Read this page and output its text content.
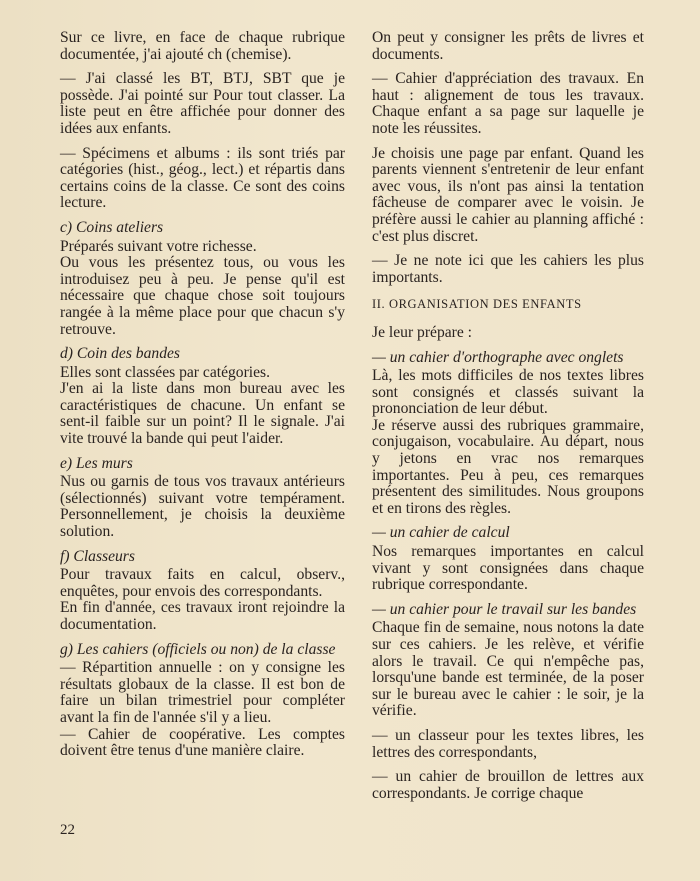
Sur ce livre, en face de chaque rubrique documentée, j'ai ajouté ch (chemise).

— J'ai classé les BT, BTJ, SBT que je possède. J'ai pointé sur Pour tout classer. La liste peut en être affichée pour donner des idées aux enfants.

— Spécimens et albums : ils sont triés par catégories (hist., géog., lect.) et répartis dans certains coins de la classe. Ce sont des coins lecture.

c) Coins ateliers

Préparés suivant votre richesse.

Ou vous les présentez tous, ou vous les introduisez peu à peu. Je pense qu'il est nécessaire que chaque chose soit toujours rangée à la même place pour que chacun s'y retrouve.

d) Coin des bandes

Elles sont classées par catégories.

J'en ai la liste dans mon bureau avec les caractéristiques de chacune. Un enfant se sent-il faible sur un point? Il le signale. J'ai vite trouvé la bande qui peut l'aider.

e) Les murs

Nus ou garnis de tous vos travaux antérieurs (sélectionnés) suivant votre tempérament. Personnellement, je choisis la deuxième solution.

f) Classeurs

Pour travaux faits en calcul, observ., enquêtes, pour envois des correspondants.

En fin d'année, ces travaux iront rejoindre la documentation.

g) Les cahiers (officiels ou non) de la classe

— Répartition annuelle : on y consigne les résultats globaux de la classe. Il est bon de faire un bilan trimestriel pour compléter avant la fin de l'année s'il y a lieu.

— Cahier de coopérative. Les comptes doivent être tenus d'une manière claire.

On peut y consigner les prêts de livres et documents.

— Cahier d'appréciation des travaux. En haut : alignement de tous les travaux. Chaque enfant a sa page sur laquelle je note les réussites.

Je choisis une page par enfant. Quand les parents viennent s'entretenir de leur enfant avec vous, ils n'ont pas ainsi la tentation fâcheuse de comparer avec le voisin. Je préfère aussi le cahier au planning affiché : c'est plus discret.

— Je ne note ici que les cahiers les plus importants.

II. ORGANISATION DES ENFANTS

Je leur prépare :

— un cahier d'orthographe avec onglets

Là, les mots difficiles de nos textes libres sont consignés et classés suivant la prononciation de leur début.

Je réserve aussi des rubriques grammaire, conjugaison, vocabulaire. Au départ, nous y jetons en vrac nos remarques importantes. Peu à peu, ces remarques présentent des similitudes. Nous groupons et en tirons des règles.

— un cahier de calcul

Nos remarques importantes en calcul vivant y sont consignées dans chaque rubrique correspondante.

— un cahier pour le travail sur les bandes

Chaque fin de semaine, nous notons la date sur ces cahiers. Je les relève, et vérifie alors le travail. Ce qui n'empêche pas, lorsqu'une bande est terminée, de la poser sur le bureau avec le cahier : le soir, je la vérifie.

— un classeur pour les textes libres, les lettres des correspondants,

— un cahier de brouillon de lettres aux correspondants. Je corrige chaque

22
